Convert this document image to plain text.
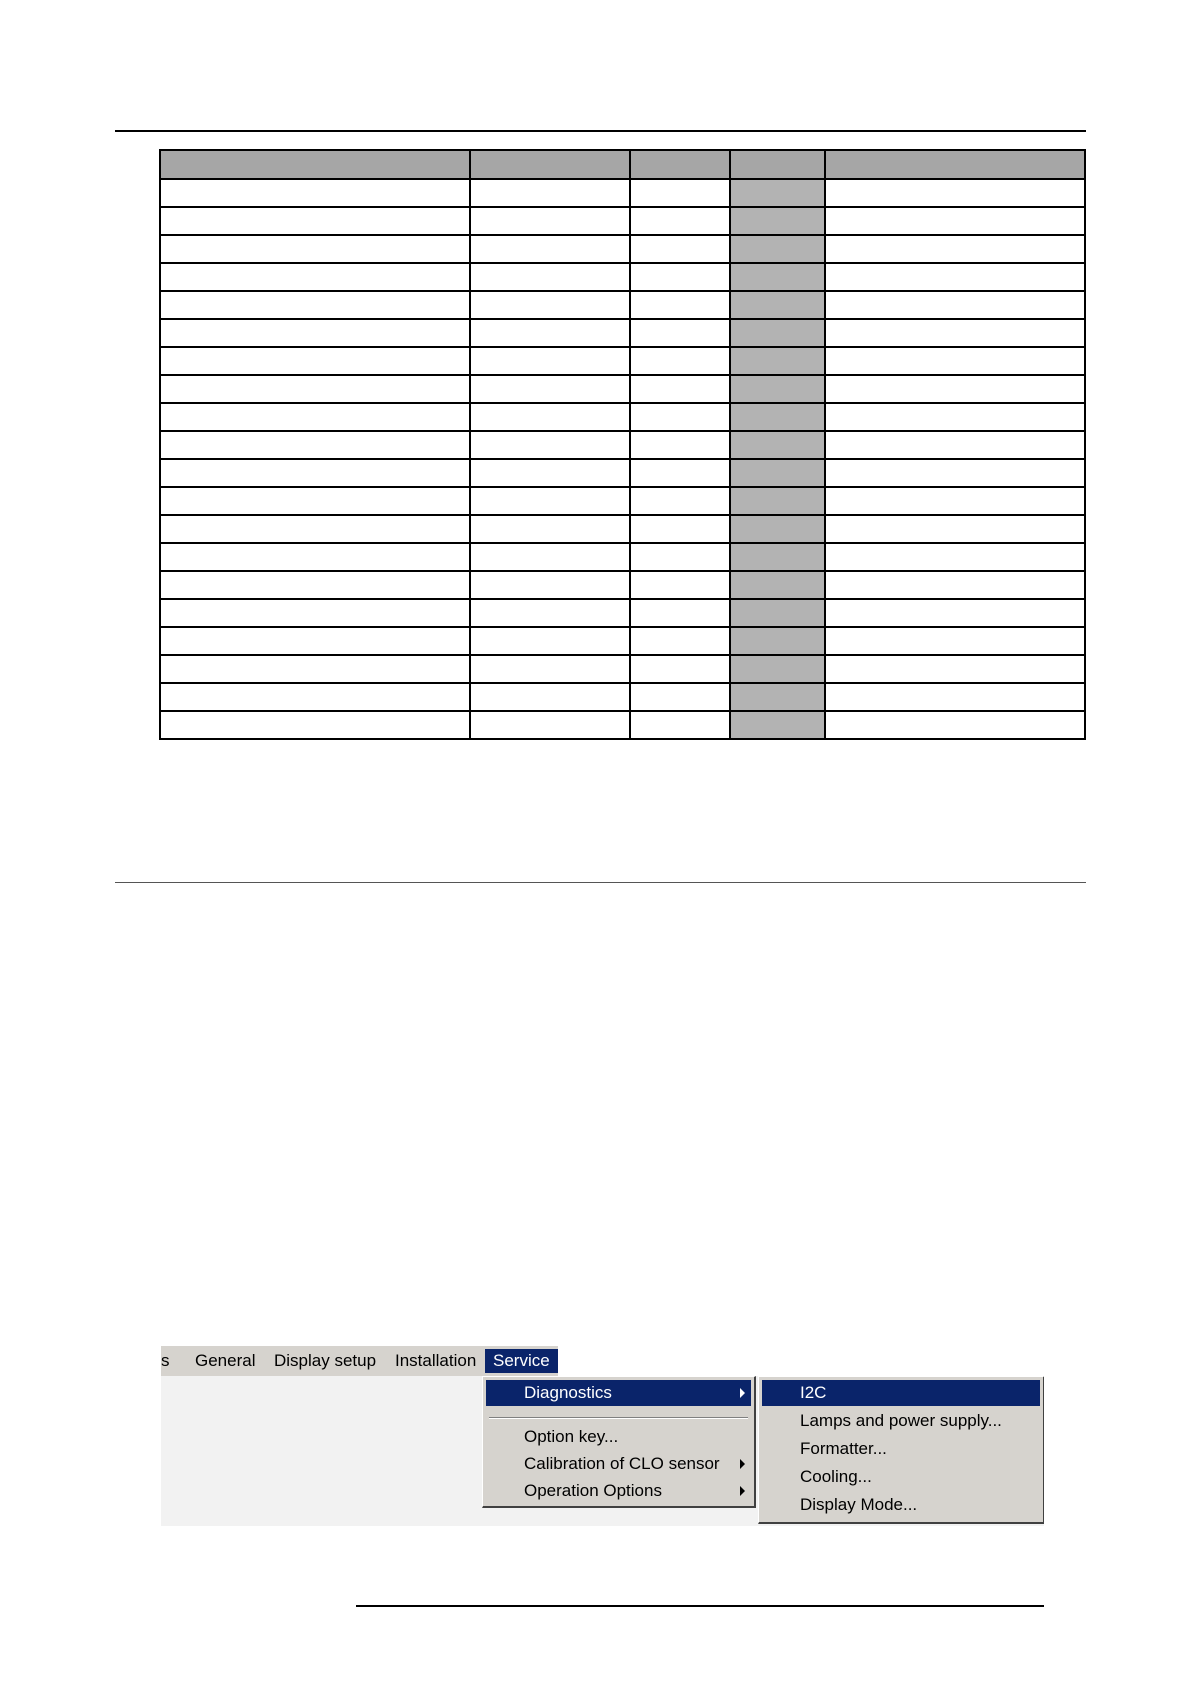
s General Display setup Installation Service
Diagnostics
Option key...
Calibration of CLO sensor
Operation Options
I2C
Lamps and power supply...
Formatter...
Cooling...
Display Mode...
